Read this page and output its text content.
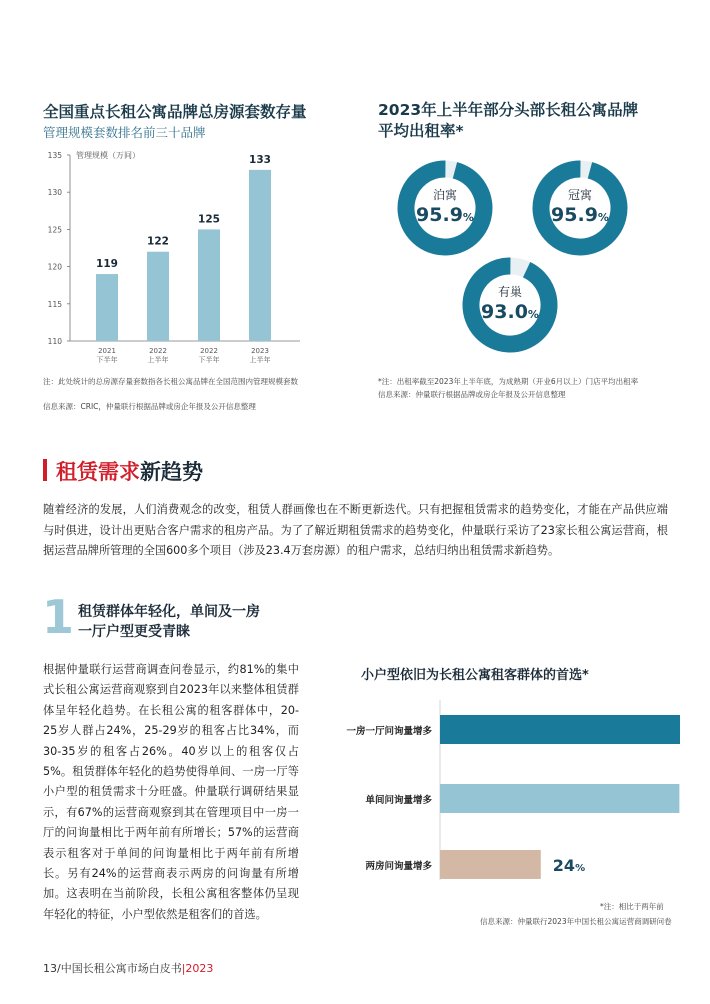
全国重点长租公寓品牌总房源套数存量
管理规模套数排名前三十品牌
110
115
120
125
130
135 管理规模（万间）
119
2021
下半年
122
2022
上半年
125
2022
下半年
133
2023
上半年
注：此处统计的总房源存量套数指各长租公寓品牌在全国范围内管理规模套数
信息来源：CRIC，仲量联行根据品牌或房企年报及公开信息整理
2023年上半年部分头部长租公寓品牌
平均出租率*
泊寓
95.9%
冠寓
95.9%
有巢
93.0%
*注：出租率截至2023年上半年底，为成熟期（开业6月以上）门店平均出租率
信息来源：仲量联行根据品牌或房企年报及公开信息整理
租赁需求新趋势
随着经济的发展，人们消费观念的改变，租赁人群画像也在不断更新迭代。只有把握租赁需求的趋势变化，才能在产品供应端与时俱进，设计出更贴合客户需求的租房产品。为了了解近期租赁需求的趋势变化，仲量联行采访了23家长租公寓运营商，根据运营品牌所管理的全国600多个项目（涉及23.4万套房源）的租户需求，总结归纳出租赁需求新趋势。
1 租赁群体年轻化，单间及一房
一厅户型更受青睐
根据仲量联行运营商调查问卷显示，约81%的集中式长租公寓运营商观察到自2023年以来整体租赁群体呈年轻化趋势。在长租公寓的租客群体中，20-25岁人群占24%，25-29岁的租客占比34%，而30-35岁的租客占26%。40岁以上的租客仅占5%。租赁群体年轻化的趋势使得单间、一房一厅等小户型的租赁需求十分旺盛。仲量联行调研结果显示，有67%的运营商观察到其在管理项目中一房一厅的问询量相比于两年前有所增长；57%的运营商表示租客对于单间的问询量相比于两年前有所增长。另有24%的运营商表示两房的问询量有所增加。这表明在当前阶段，长租公寓租客整体仍呈现年轻化的特征，小户型依然是租客们的首选。
小户型依旧为长租公寓租客群体的首选*
一房一厅问询量增多
单间问询量增多
两房问询量增多	24%
*注：相比于两年前
信息来源：仲量联行2023年中国长租公寓运营商调研问卷
13/中国长租公寓市场白皮书|2023
